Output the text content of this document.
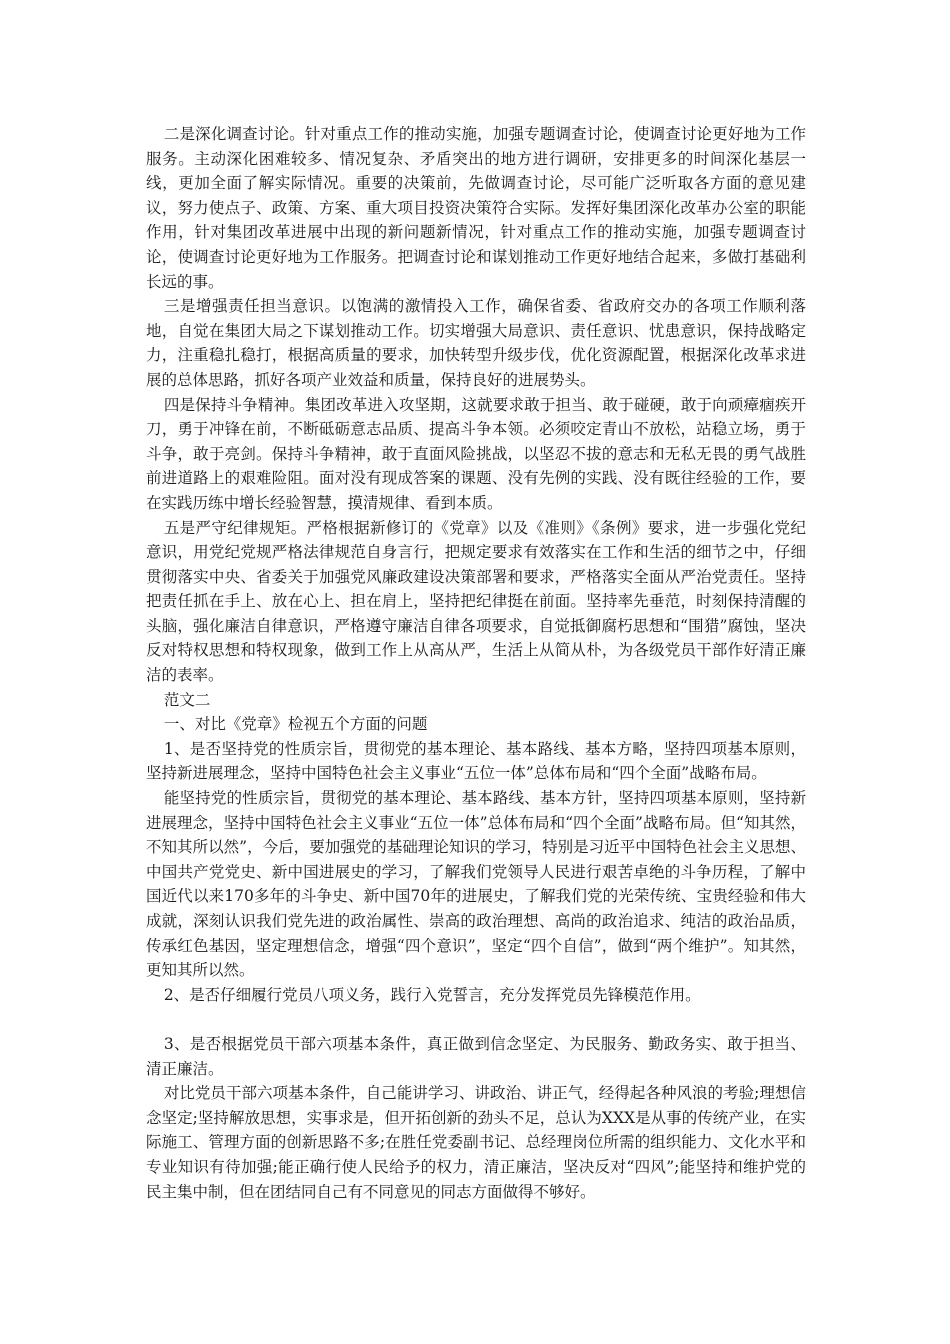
二是深化调查讨论。针对重点工作的推动实施，加强专题调查讨论，使调查讨论更好地为工作服务。主动深化困难较多、情况复杂、矛盾突出的地方进行调研，安排更多的时间深化基层一线，更加全面了解实际情况。重要的决策前，先做调查讨论，尽可能广泛听取各方面的意见建议，努力使点子、政策、方案、重大项目投资决策符合实际。发挥好集团深化改革办公室的职能作用，针对集团改革进展中出现的新问题新情况，针对重点工作的推动实施，加强专题调查讨论，使调查讨论更好地为工作服务。把调查讨论和谋划推动工作更好地结合起来，多做打基础利长远的事。

三是增强责任担当意识。以饱满的激情投入工作，确保省委、省政府交办的各项工作顺利落地，自觉在集团大局之下谋划推动工作。切实增强大局意识、责任意识、忧患意识，保持战略定力，注重稳扎稳打，根据高质量的要求，加快转型升级步伐，优化资源配置，根据深化改革求进展的总体思路，抓好各项产业效益和质量，保持良好的进展势头。

四是保持斗争精神。集团改革进入攻坚期，这就要求敢于担当、敢于碰硬，敢于向顽瘴痼疾开刀，勇于冲锋在前，不断砥砺意志品质、提高斗争本领。必须咬定青山不放松，站稳立场，勇于斗争，敢于亮剑。保持斗争精神，敢于直面风险挑战，以坚忍不拔的意志和无私无畏的勇气战胜前进道路上的艰难险阻。面对没有现成答案的课题、没有先例的实践、没有既往经验的工作，要在实践历练中增长经验智慧，摸清规律、看到本质。

五是严守纪律规矩。严格根据新修订的《党章》以及《准则》《条例》要求，进一步强化党纪意识，用党纪党规严格法律规范自身言行，把规定要求有效落实在工作和生活的细节之中，仔细贯彻落实中央、省委关于加强党风廉政建设决策部署和要求，严格落实全面从严治党责任。坚持把责任抓在手上、放在心上、担在肩上，坚持把纪律挺在前面。坚持率先垂范，时刻保持清醒的头脑，强化廉洁自律意识，严格遵守廉洁自律各项要求，自觉抵御腐朽思想和“围猎”腐蚀，坚决反对特权思想和特权现象，做到工作上从高从严，生活上从简从朴，为各级党员干部作好清正廉洁的表率。

范文二

一、对比《党章》检视五个方面的问题

1、是否坚持党的性质宗旨，贯彻党的基本理论、基本路线、基本方略，坚持四项基本原则，坚持新进展理念，坚持中国特色社会主义事业“五位一体”总体布局和“四个全面”战略布局。

能坚持党的性质宗旨，贯彻党的基本理论、基本路线、基本方针，坚持四项基本原则，坚持新进展理念，坚持中国特色社会主义事业“五位一体”总体布局和“四个全面”战略布局。但“知其然，不知其所以然”，今后，要加强党的基础理论知识的学习，特别是习近平中国特色社会主义思想、中国共产党党史、新中国进展史的学习，了解我们党领导人民进行艰苦卓绝的斗争历程，了解中国近代以来170多年的斗争史、新中国70年的进展史，了解我们党的光荣传统、宝贵经验和伟大成就，深刻认识我们党先进的政治属性、崇高的政治理想、高尚的政治追求、纯洁的政治品质，传承红色基因，坚定理想信念，增强“四个意识”，坚定“四个自信”，做到“两个维护”。知其然，更知其所以然。

2、是否仔细履行党员八项义务，践行入党誓言，充分发挥党员先锋模范作用。

3、是否根据党员干部六项基本条件，真正做到信念坚定、为民服务、勤政务实、敢于担当、清正廉洁。

对比党员干部六项基本条件，自己能讲学习、讲政治、讲正气，经得起各种风浪的考验;理想信念坚定;坚持解放思想，实事求是，但开拓创新的劲头不足，总认为XXX是从事的传统产业，在实际施工、管理方面的创新思路不多;在胜任党委副书记、总经理岗位所需的组织能力、文化水平和专业知识有待加强;能正确行使人民给予的权力，清正廉洁，坚决反对“四风”;能坚持和维护党的民主集中制，但在团结同自己有不同意见的同志方面做得不够好。
